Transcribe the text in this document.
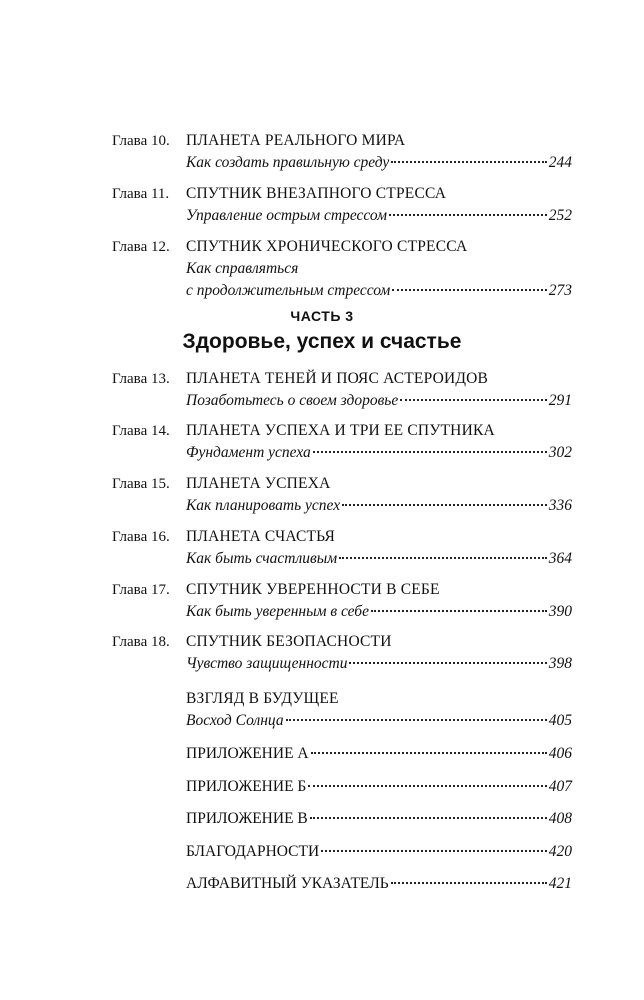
Глава 10.	ПЛАНЕТА РЕАЛЬНОГО МИРА
Как создать правильную среду	244
Глава 11.	СПУТНИК ВНЕЗАПНОГО СТРЕССА
Управление острым стрессом	252
Глава 12.	СПУТНИК ХРОНИЧЕСКОГО СТРЕССА
Как справляться
с продолжительным стрессом	273
ЧАСТЬ 3
Здоровье, успех и счастье
Глава 13.	ПЛАНЕТА ТЕНЕЙ И ПОЯС АСТЕРОИДОВ
Позаботьтесь о своем здоровье	291
Глава 14.	ПЛАНЕТА УСПЕХА И ТРИ ЕЕ СПУТНИКА
Фундамент успеха	302
Глава 15.	ПЛАНЕТА УСПЕХА
Как планировать успех	336
Глава 16.	ПЛАНЕТА СЧАСТЬЯ
Как быть счастливым	364
Глава 17.	СПУТНИК УВЕРЕННОСТИ В СЕБЕ
Как быть уверенным в себе	390
Глава 18.	СПУТНИК БЕЗОПАСНОСТИ
Чувство защищенности	398
ВЗГЛЯД В БУДУЩЕЕ
Восход Солнца	405
ПРИЛОЖЕНИЕ А	406
ПРИЛОЖЕНИЕ Б	407
ПРИЛОЖЕНИЕ В	408
БЛАГОДАРНОСТИ	420
АЛФАВИТНЫЙ УКАЗАТЕЛЬ	421
